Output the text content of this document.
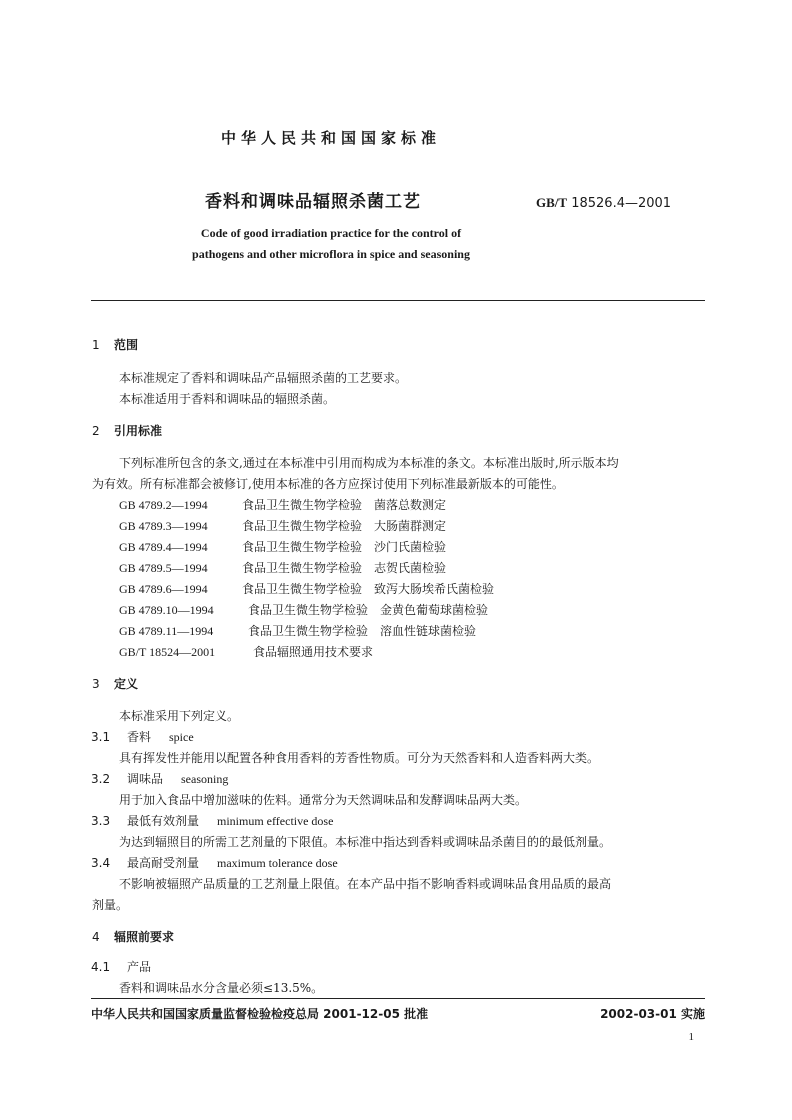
中华人民共和国国家标准
香料和调味品辐照杀菌工艺	GB/T 18526.4—2001
Code of good irradiation practice for the control of
pathogens and other microflora in spice and seasoning
1 范围
本标准规定了香料和调味品产品辐照杀菌的工艺要求。
本标准适用于香料和调味品的辐照杀菌。
2 引用标准
下列标准所包含的条文,通过在本标准中引用而构成为本标准的条文。本标准出版时,所示版本均
为有效。所有标准都会被修订,使用本标准的各方应探讨使用下列标准最新版本的可能性。
GB 4789.2—1994	食品卫生微生物学检验　菌落总数测定
GB 4789.3—1994	食品卫生微生物学检验　大肠菌群测定
GB 4789.4—1994	食品卫生微生物学检验　沙门氏菌检验
GB 4789.5—1994	食品卫生微生物学检验　志贺氏菌检验
GB 4789.6—1994	食品卫生微生物学检验　致泻大肠埃希氏菌检验
GB 4789.10—1994	食品卫生微生物学检验　金黄色葡萄球菌检验
GB 4789.11—1994	食品卫生微生物学检验　溶血性链球菌检验
GB/T 18524—2001	食品辐照通用技术要求
3 定义
本标准采用下列定义。
3.1 香料 spice
具有挥发性并能用以配置各种食用香料的芳香性物质。可分为天然香料和人造香料两大类。
3.2 调味品 seasoning
用于加入食品中增加滋味的佐料。通常分为天然调味品和发酵调味品两大类。
3.3 最低有效剂量 minimum effective dose
为达到辐照目的所需工艺剂量的下限值。本标准中指达到香料或调味品杀菌目的的最低剂量。
3.4 最高耐受剂量 maximum tolerance dose
不影响被辐照产品质量的工艺剂量上限值。在本产品中指不影响香料或调味品食用品质的最高
剂量。
4 辐照前要求
4.1 产品
香料和调味品水分含量必须≤13.5%。
中华人民共和国国家质量监督检验检疫总局 2001-12-05 批准	2002-03-01 实施
1
